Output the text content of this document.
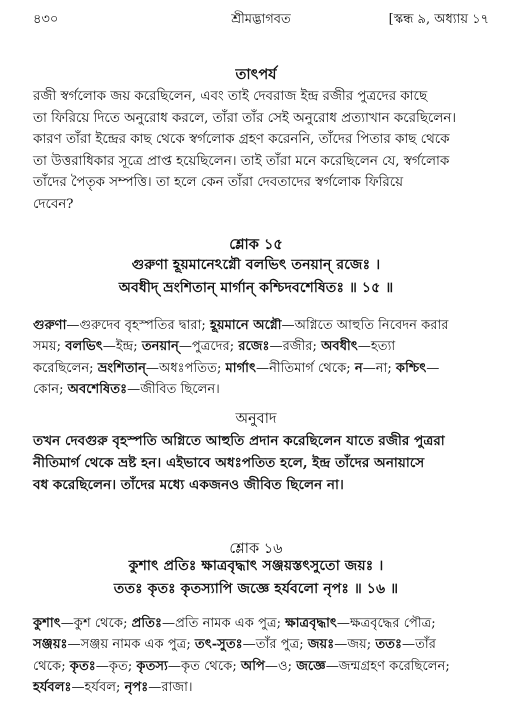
৪৩০	শ্রীমদ্ভাগবত	[স্কন্ধ ৯, অধ্যায় ১৭
তাৎপর্য

রজী স্বর্গলোক জয় করেছিলেন, এবং তাই দেবরাজ ইন্দ্র রজীর পুত্রদের কাছে

তা ফিরিয়ে দিতে অনুরোধ করলে, তাঁরা তাঁর সেই অনুরোধ প্রত্যাখান করেছিলেন।

কারণ তাঁরা ইন্দ্রের কাছ থেকে স্বর্গলোক গ্রহণ করেননি, তাঁদের পিতার কাছ থেকে

তা উত্তরাধিকার সূত্রে প্রাপ্ত হয়েছিলেন। তাই তাঁরা মনে করেছিলেন যে, স্বর্গলোক

তাঁদের পৈতৃক সম্পত্তি। তা হলে কেন তাঁরা দেবতাদের স্বর্গলোক ফিরিয়ে

দেবেন?

শ্লোক ১৫

গুরুণা হূয়মানেঽগ্নৌ বলভিৎ তনয়ান্ রজেঃ ।

অবধীদ্ ভ্রংশিতান্ মার্গান্ কশ্চিদবশেষিতঃ ॥ ১৫ ॥

গুরুণা—গুরুদেব বৃহস্পতির দ্বারা; হূয়মানে অগ্নৌ—অগ্নিতে আহুতি নিবেদন করার

সময়; বলভিৎ—ইন্দ্র; তনয়ান্—পুত্রদের; রজেঃ—রজীর; অবধীৎ—হত্যা

করেছিলেন; ভ্রংশিতান্—অধঃপতিত; মার্গাৎ—নীতিমার্গ থেকে; ন—না; কশ্চিৎ—

কোন; অবশেষিতঃ—জীবিত ছিলেন।

অনুবাদ

তখন দেবগুরু বৃহস্পতি অগ্নিতে আহুতি প্রদান করেছিলেন যাতে রজীর পুত্ররা

নীতিমার্গ থেকে ভ্রষ্ট হন। এইভাবে অধঃপতিত হলে, ইন্দ্র তাঁদের অনায়াসে

বধ করেছিলেন। তাঁদের মধ্যে একজনও জীবিত ছিলেন না।

শ্লোক ১৬

কুশাৎ প্রতিঃ ক্ষাত্রবৃদ্ধাৎ সঞ্জয়স্তৎসুতো জয়ঃ ।

ততঃ কৃতঃ কৃতস্যাপি জজ্ঞে হর্যবলো নৃপঃ ॥ ১৬ ॥

কুশাৎ—কুশ থেকে; প্রতিঃ—প্রতি নামক এক পুত্র; ক্ষাত্রবৃদ্ধাৎ—ক্ষত্রবৃদ্ধের পৌত্র;

সঞ্জয়ঃ—সঞ্জয় নামক এক পুত্র; তৎ-সুতঃ—তাঁর পুত্র; জয়ঃ—জয়; ততঃ—তাঁর

থেকে; কৃতঃ—কৃত; কৃতস্য—কৃত থেকে; অপি—ও; জজ্ঞে—জন্মগ্রহণ করেছিলেন;

হর্যবলঃ—হর্যবল; নৃপঃ—রাজা।
